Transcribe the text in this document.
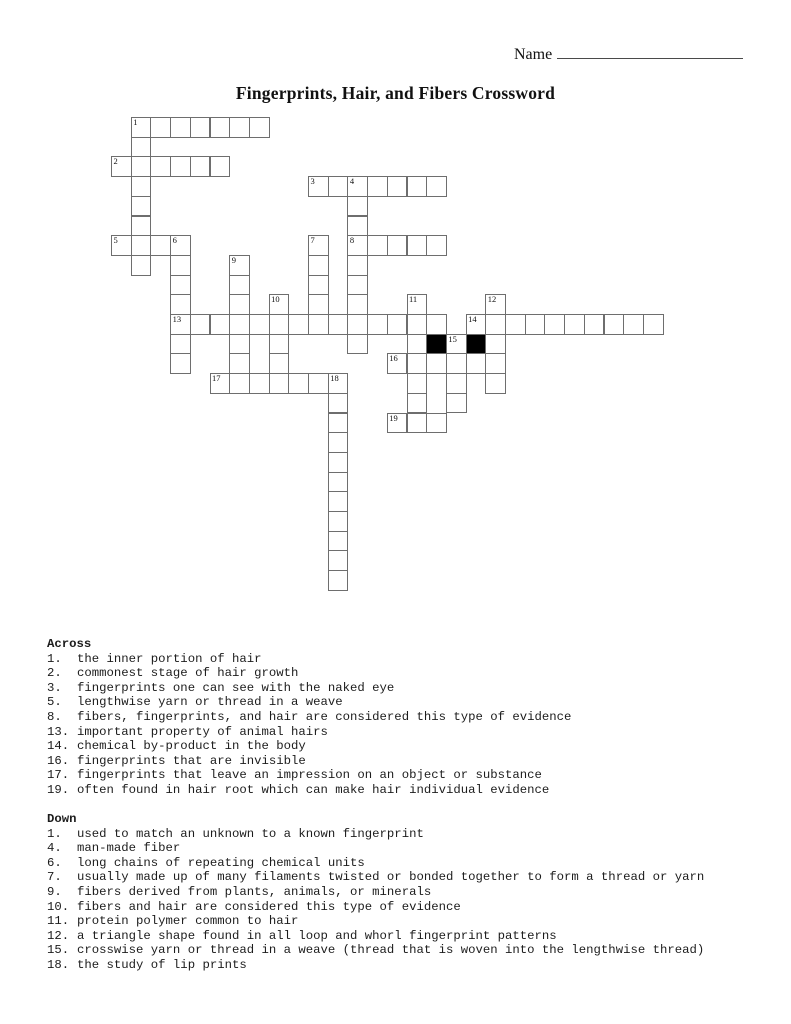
Name
Fingerprints, Hair, and Fibers Crossword
1
2
3	4
5	6	7	8
9
10	11	12
13	14
15
16
17	18
19
Across
1. the inner portion of hair
2. commonest stage of hair growth
3. fingerprints one can see with the naked eye
5. lengthwise yarn or thread in a weave
8. fibers, fingerprints, and hair are considered this type of evidence
13. important property of animal hairs
14. chemical by-product in the body
16. fingerprints that are invisible
17. fingerprints that leave an impression on an object or substance
19. often found in hair root which can make hair individual evidence
Down
1. used to match an unknown to a known fingerprint
4. man-made fiber
6. long chains of repeating chemical units
7. usually made up of many filaments twisted or bonded together to form a thread or yarn
9. fibers derived from plants, animals, or minerals
10. fibers and hair are considered this type of evidence
11. protein polymer common to hair
12. a triangle shape found in all loop and whorl fingerprint patterns
15. crosswise yarn or thread in a weave (thread that is woven into the lengthwise thread)
18. the study of lip prints
